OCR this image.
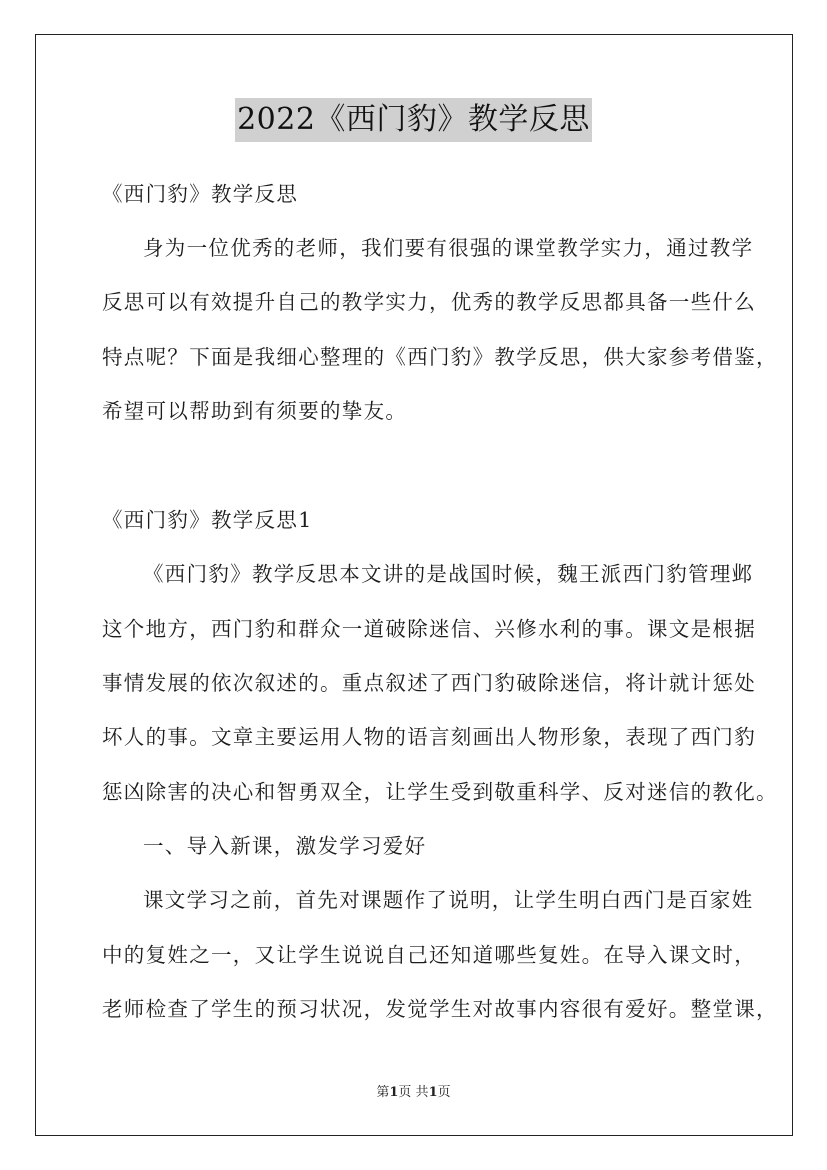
2022《西门豹》教学反思
《西门豹》教学反思
身为一位优秀的老师，我们要有很强的课堂教学实力，通过教学
反思可以有效提升自己的教学实力，优秀的教学反思都具备一些什么
特点呢？下面是我细心整理的《西门豹》教学反思，供大家参考借鉴，
希望可以帮助到有须要的挚友。
《西门豹》教学反思1
《西门豹》教学反思本文讲的是战国时候，魏王派西门豹管理邺
这个地方，西门豹和群众一道破除迷信、兴修水利的事。课文是根据
事情发展的依次叙述的。重点叙述了西门豹破除迷信，将计就计惩处
坏人的事。文章主要运用人物的语言刻画出人物形象，表现了西门豹
惩凶除害的决心和智勇双全，让学生受到敬重科学、反对迷信的教化。
一、导入新课，激发学习爱好
课文学习之前，首先对课题作了说明，让学生明白西门是百家姓
中的复姓之一，又让学生说说自己还知道哪些复姓。在导入课文时，
老师检查了学生的预习状况，发觉学生对故事内容很有爱好。整堂课，
第1页 共1页
